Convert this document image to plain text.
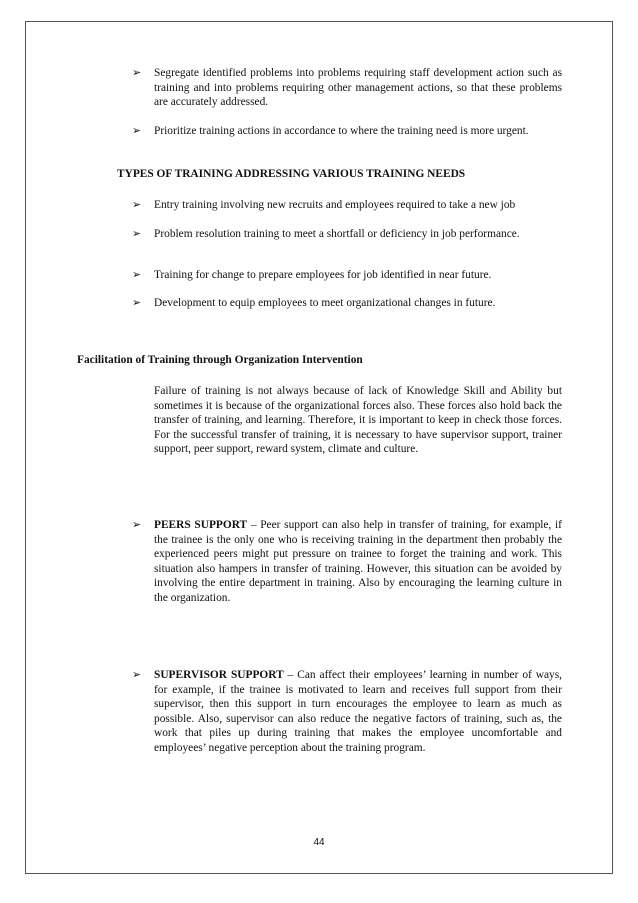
➢ Segregate identified problems into problems requiring staff development action such as training and into problems requiring other management actions, so that these problems are accurately addressed.
➢ Prioritize training actions in accordance to where the training need is more urgent.
TYPES OF TRAINING ADDRESSING VARIOUS TRAINING NEEDS
➢ Entry training involving new recruits and employees required to take a new job
➢ Problem resolution training to meet a shortfall or deficiency in job performance.
➢ Training for change to prepare employees for job identified in near future.
➢ Development to equip employees to meet organizational changes in future.
Facilitation of Training through Organization Intervention
Failure of training is not always because of lack of Knowledge Skill and Ability but sometimes it is because of the organizational forces also. These forces also hold back the transfer of training, and learning. Therefore, it is important to keep in check those forces. For the successful transfer of training, it is necessary to have supervisor support, trainer support, peer support, reward system, climate and culture.
➢ PEERS SUPPORT – Peer support can also help in transfer of training, for example, if the trainee is the only one who is receiving training in the department then probably the experienced peers might put pressure on trainee to forget the training and work. This situation also hampers in transfer of training. However, this situation can be avoided by involving the entire department in training. Also by encouraging the learning culture in the organization.
➢ SUPERVISOR SUPPORT – Can affect their employees’ learning in number of ways, for example, if the trainee is motivated to learn and receives full support from their supervisor, then this support in turn encourages the employee to learn as much as possible. Also, supervisor can also reduce the negative factors of training, such as, the work that piles up during training that makes the employee uncomfortable and employees’ negative perception about the training program.
44
